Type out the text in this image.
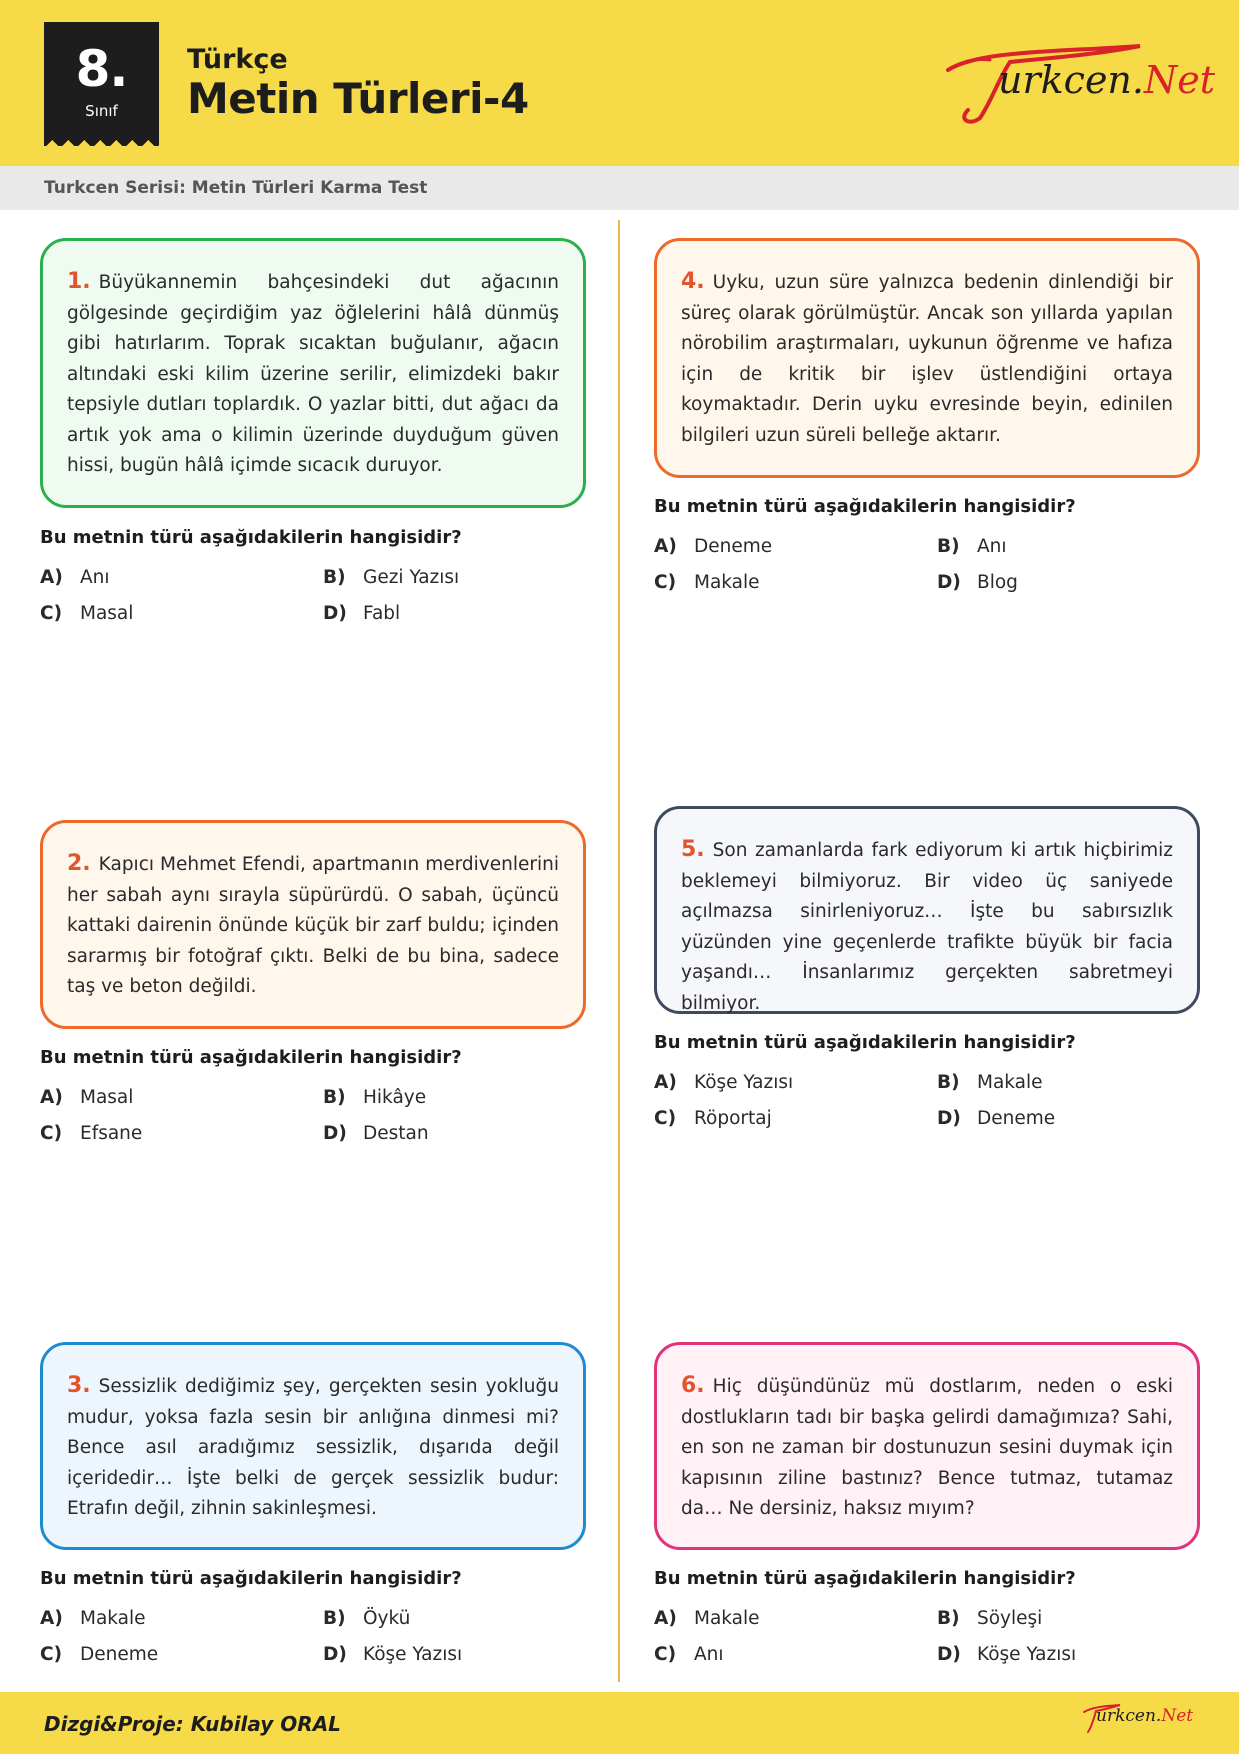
8.
Sınıf
Türkçe
Metin Türleri-4	urkcen.Net
Turkcen Serisi: Metin Türleri Karma Test

1. Büyükannemin bahçesindeki dut ağacının gölgesinde geçirdiğim yaz öğlelerini hâlâ dünmüş gibi hatırlarım. Toprak sıcaktan buğulanır, ağacın altındaki eski kilim üzerine serilir, elimizdeki bakır tepsiyle dutları toplardık. O yazlar bitti, dut ağacı da artık yok ama o kilimin üzerinde duyduğum güven hissi, bugün hâlâ içimde sıcacık duruyor.

Bu metnin türü aşağıdakilerin hangisidir?
A) Anı	B) Gezi Yazısı
C) Masal	D) Fabl

2. Kapıcı Mehmet Efendi, apartmanın merdivenlerini her sabah aynı sırayla süpürürdü. O sabah, üçüncü kattaki dairenin önünde küçük bir zarf buldu; içinden sararmış bir fotoğraf çıktı. Belki de bu bina, sadece taş ve beton değildi.

Bu metnin türü aşağıdakilerin hangisidir?
A) Masal	B) Hikâye
C) Efsane	D) Destan

3. Sessizlik dediğimiz şey, gerçekten sesin yokluğu mudur, yoksa fazla sesin bir anlığına dinmesi mi? Bence asıl aradığımız sessizlik, dışarıda değil içeridedir… İşte belki de gerçek sessizlik budur: Etrafın değil, zihnin sakinleşmesi.

Bu metnin türü aşağıdakilerin hangisidir?
A) Makale	B) Öykü
C) Deneme	D) Köşe Yazısı

4. Uyku, uzun süre yalnızca bedenin dinlendiği bir süreç olarak görülmüştür. Ancak son yıllarda yapılan nörobilim araştırmaları, uykunun öğrenme ve hafıza için de kritik bir işlev üstlendiğini ortaya koymaktadır. Derin uyku evresinde beyin, edinilen bilgileri uzun süreli belleğe aktarır.

Bu metnin türü aşağıdakilerin hangisidir?
A) Deneme	B) Anı
C) Makale	D) Blog

5. Son zamanlarda fark ediyorum ki artık hiçbirimiz beklemeyi bilmiyoruz. Bir video üç saniyede açılmazsa sinirleniyoruz… İşte bu sabırsızlık yüzünden yine geçenlerde trafikte büyük bir facia yaşandı… İnsanlarımız gerçekten sabretmeyi bilmiyor.

Bu metnin türü aşağıdakilerin hangisidir?
A) Köşe Yazısı	B) Makale
C) Röportaj	D) Deneme

6. Hiç düşündünüz mü dostlarım, neden o eski dostlukların tadı bir başka gelirdi damağımıza? Sahi, en son ne zaman bir dostunuzun sesini duymak için kapısının ziline bastınız? Bence tutmaz, tutamaz da… Ne dersiniz, haksız mıyım?

Bu metnin türü aşağıdakilerin hangisidir?
A) Makale	B) Söyleşi
C) Anı	D) Köşe Yazısı
Dizgi&Proje: Kubilay ORAL	urkcen.Net
